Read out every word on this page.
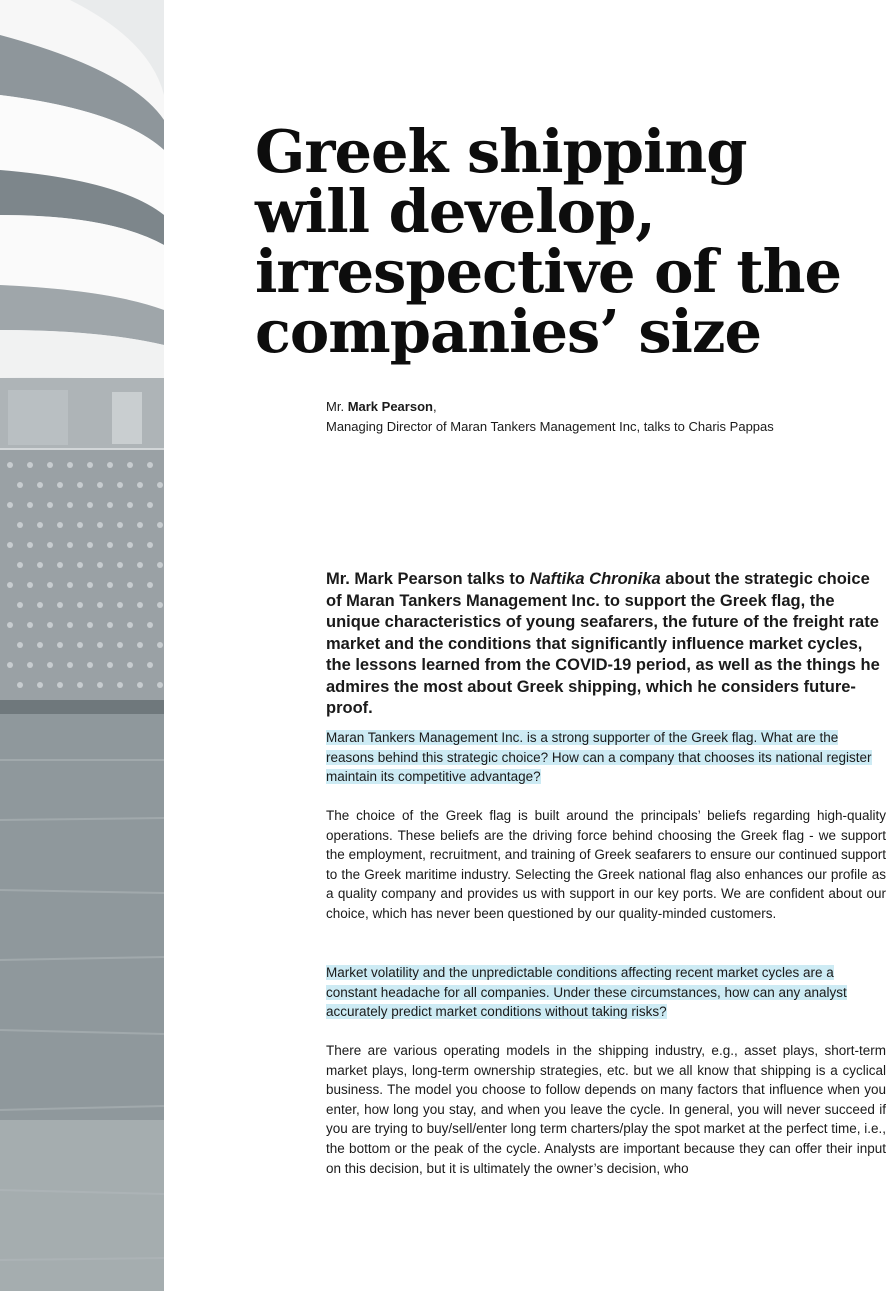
Greek shipping
will develop,
irrespective of the
companies’ size
Mr. Mark Pearson,
Managing Director of Maran Tankers Management Inc, talks to Charis Pappas

Mr. Mark Pearson talks to Naftika Chronika about the strategic choice of Maran Tankers Management Inc. to support the Greek flag, the unique characteristics of young seafarers, the future of the freight rate market and the conditions that significantly influence market cycles, the lessons learned from the COVID-19 period, as well as the things he admires the most about Greek shipping, which he considers future-proof.

Maran Tankers Management Inc. is a strong supporter of the Greek flag. What are the reasons behind this strategic choice? How can a company that chooses its national register maintain its competitive advantage?

The choice of the Greek flag is built around the principals’ beliefs regarding high-quality operations. These beliefs are the driving force behind choosing the Greek flag - we support the employment, recruitment, and training of Greek seafarers to ensure our continued support to the Greek maritime industry. Selecting the Greek national flag also enhances our profile as a quality company and provides us with support in our key ports. We are confident about our choice, which has never been questioned by our quality-minded customers.

Market volatility and the unpredictable conditions affecting recent market cycles are a constant headache for all companies. Under these circumstances, how can any analyst accurately predict market conditions without taking risks?

There are various operating models in the shipping industry, e.g., asset plays, short-term market plays, long-term ownership strategies, etc. but we all know that shipping is a cyclical business. The model you choose to follow depends on many factors that influence when you enter, how long you stay, and when you leave the cycle. In general, you will never succeed if you are trying to buy/sell/enter long term charters/play the spot market at the perfect time, i.e., the bottom or the peak of the cycle. Analysts are important because they can offer their input on this decision, but it is ultimately the owner’s decision, who
